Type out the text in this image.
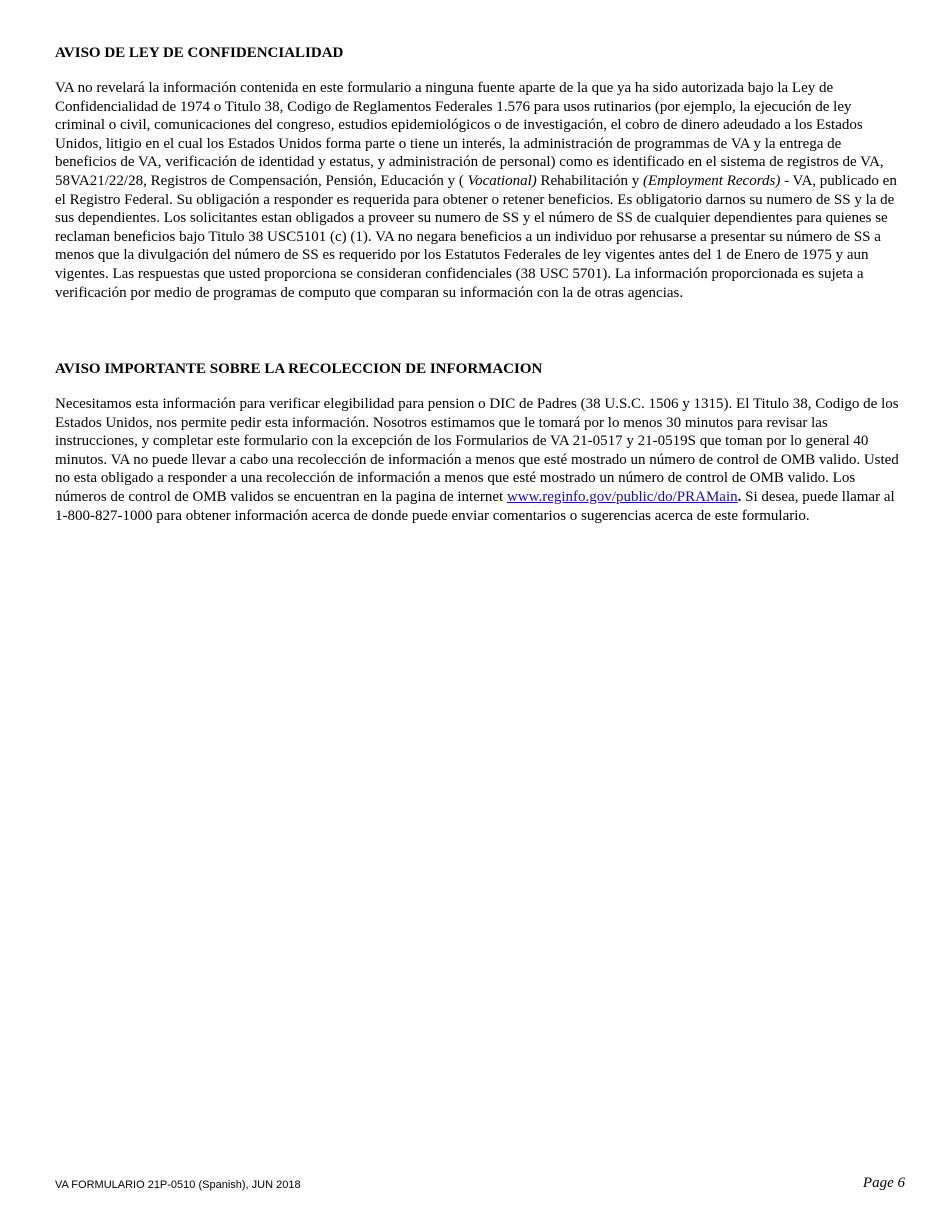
AVISO DE LEY DE CONFIDENCIALIDAD

VA no revelará la información contenida en este formulario a ninguna fuente aparte de la que ya ha sido autorizada bajo la Ley de Confidencialidad de 1974 o Titulo 38, Codigo de Reglamentos Federales 1.576 para usos rutinarios (por ejemplo, la ejecución de ley criminal o civil, comunicaciones del congreso, estudios epidemiológicos o de investigación, el cobro de dinero adeudado a los Estados Unidos, litigio en el cual los Estados Unidos forma parte o tiene un interés, la administración de programmas de VA y la entrega de beneficios de VA, verificación de identidad y estatus, y administración de personal) como es identificado en el sistema de registros de VA, 58VA21/22/28, Registros de Compensación, Pensión, Educación y ( Vocational) Rehabilitación y (Employment Records) - VA, publicado en el Registro Federal. Su obligación a responder es requerida para obtener o retener beneficios. Es obligatorio darnos su numero de SS y la de sus dependientes. Los solicitantes estan obligados a proveer su numero de SS y el número de SS de cualquier dependientes para quienes se reclaman beneficios bajo Titulo 38 USC5101 (c) (1). VA no negara beneficios a un individuo por rehusarse a presentar su número de SS a menos que la divulgación del número de SS es requerido por los Estatutos Federales de ley vigentes antes del 1 de Enero de 1975 y aun vigentes. Las respuestas que usted proporciona se consideran confidenciales (38 USC 5701). La información proporcionada es sujeta a verificación por medio de programas de computo que comparan su información con la de otras agencias.

AVISO IMPORTANTE SOBRE LA RECOLECCION DE INFORMACION

Necesitamos esta información para verificar elegibilidad para pension o DIC de Padres (38 U.S.C. 1506 y 1315). El Titulo 38, Codigo de los Estados Unidos, nos permite pedir esta información. Nosotros estimamos que le tomará por lo menos 30 minutos para revisar las instrucciones, y completar este formulario con la excepción de los Formularios de VA 21-0517 y 21-0519S que toman por lo general 40 minutos. VA no puede llevar a cabo una recolección de información a menos que esté mostrado un número de control de OMB valido. Usted no esta obligado a responder a una recolección de información a menos que esté mostrado un número de control de OMB valido. Los números de control de OMB validos se encuentran en la pagina de internet www.reginfo.gov/public/do/PRAMain. Si desea, puede llamar al 1-800-827-1000 para obtener información acerca de donde puede enviar comentarios o sugerencias acerca de este formulario.

VA FORMULARIO 21P-0510 (Spanish), JUN 2018	Page 6
